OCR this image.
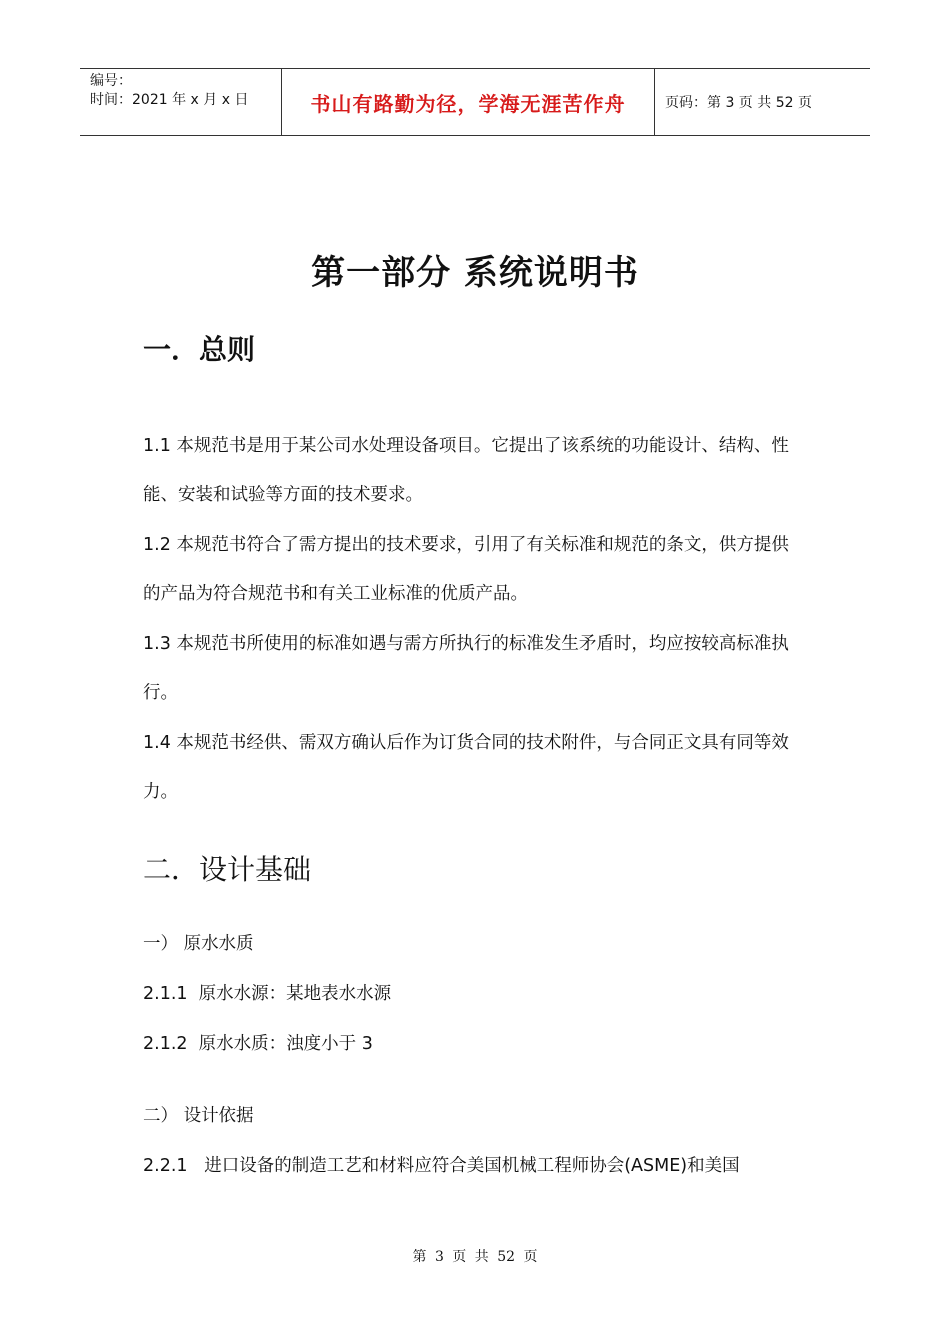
编号：
时间：2021 年 x 月 x 日	书山有路勤为径，学海无涯苦作舟	页码：第 3 页 共 52 页
第一部分 系统说明书
一．总则

1.1 本规范书是用于某公司水处理设备项目。它提出了该系统的功能设计、结构、性能、安装和试验等方面的技术要求。

1.2 本规范书符合了需方提出的技术要求，引用了有关标准和规范的条文，供方提供的产品为符合规范书和有关工业标准的优质产品。

1.3 本规范书所使用的标准如遇与需方所执行的标准发生矛盾时，均应按较高标准执行。

1.4 本规范书经供、需双方确认后作为订货合同的技术附件，与合同正文具有同等效力。

二．设计基础
一） 原水水质
2.1.1  原水水源：某地表水水源
2.1.2  原水水质：浊度小于 3
二） 设计依据
2.2.1   进口设备的制造工艺和材料应符合美国机械工程师协会(ASME)和美国
第 3 页 共 52 页
